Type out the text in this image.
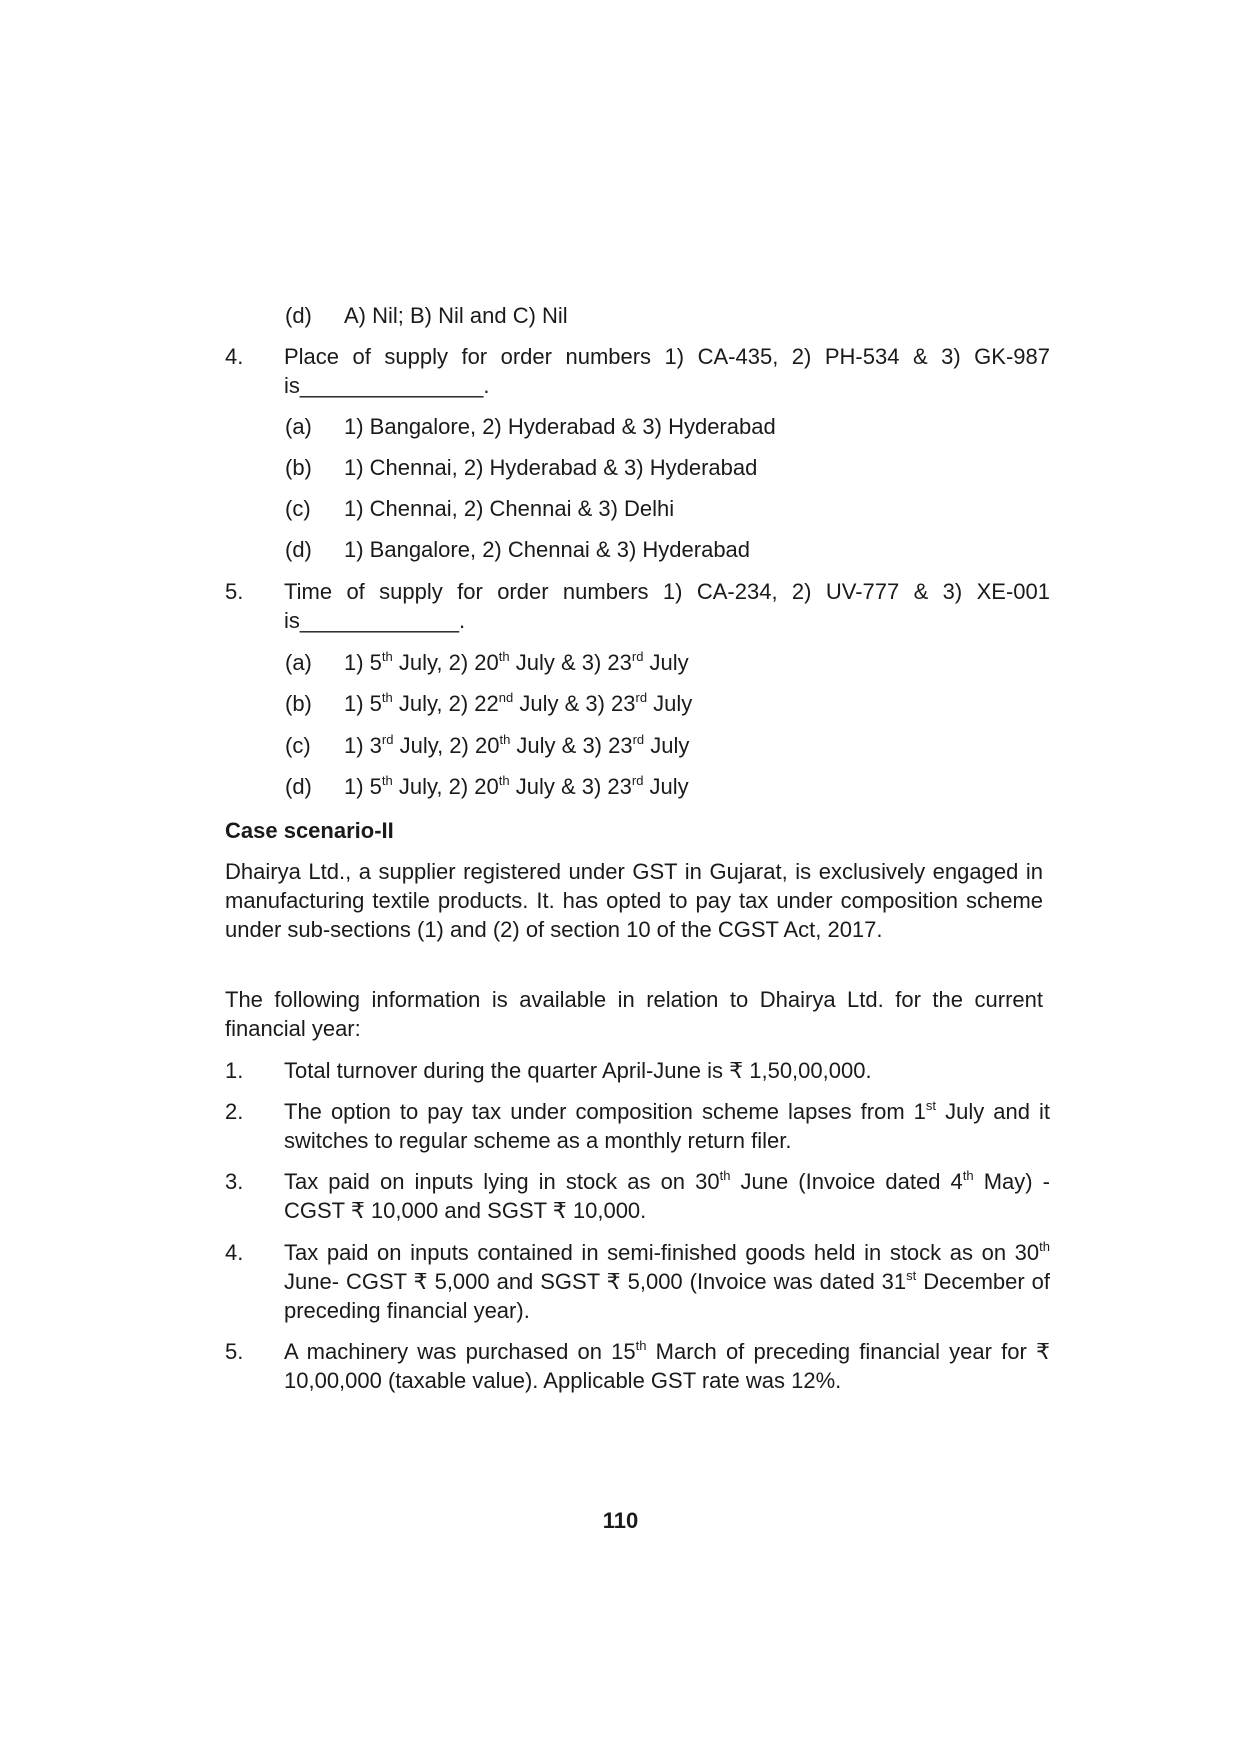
(d) A) Nil; B) Nil and C) Nil
4. Place of supply for order numbers 1) CA-435, 2) PH-534 & 3) GK-987 is_______________.
(a) 1) Bangalore, 2) Hyderabad & 3) Hyderabad
(b) 1) Chennai, 2) Hyderabad & 3) Hyderabad
(c) 1) Chennai, 2) Chennai & 3) Delhi
(d) 1) Bangalore, 2) Chennai & 3) Hyderabad
5. Time of supply for order numbers 1) CA-234, 2) UV-777 & 3) XE-001 is_____________.
(a) 1) 5th July, 2) 20th July & 3) 23rd July
(b) 1) 5th July, 2) 22nd July & 3) 23rd July
(c) 1) 3rd July, 2) 20th July & 3) 23rd July
(d) 1) 5th July, 2) 20th July & 3) 23rd July
Case scenario-II
Dhairya Ltd., a supplier registered under GST in Gujarat, is exclusively engaged in manufacturing textile products. It. has opted to pay tax under composition scheme under sub-sections (1) and (2) of section 10 of the CGST Act, 2017.
The following information is available in relation to Dhairya Ltd. for the current financial year:
1. Total turnover during the quarter April-June is ₹ 1,50,00,000.
2. The option to pay tax under composition scheme lapses from 1st July and it switches to regular scheme as a monthly return filer.
3. Tax paid on inputs lying in stock as on 30th June (Invoice dated 4th May) - CGST ₹ 10,000 and SGST ₹ 10,000.
4. Tax paid on inputs contained in semi-finished goods held in stock as on 30th June- CGST ₹ 5,000 and SGST ₹ 5,000 (Invoice was dated 31st December of preceding financial year).
5. A machinery was purchased on 15th March of preceding financial year for ₹ 10,00,000 (taxable value). Applicable GST rate was 12%.
110
